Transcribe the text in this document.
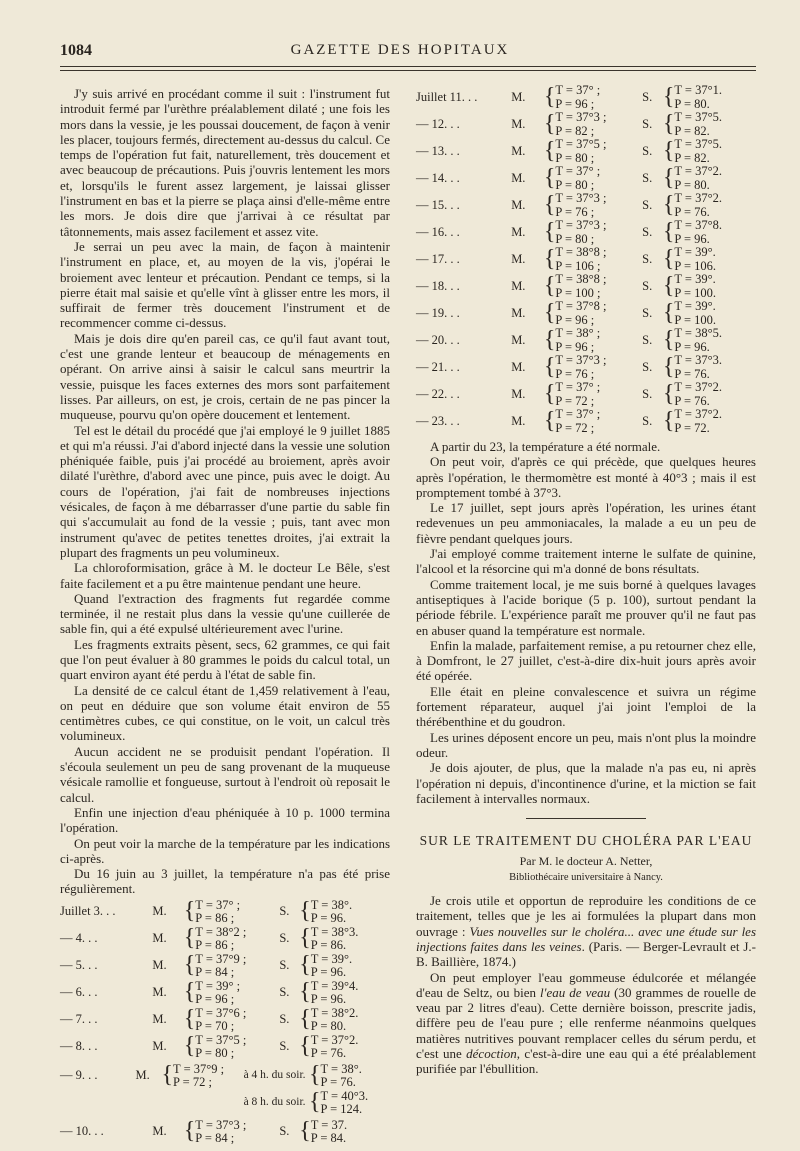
1084	GAZETTE DES HOPITAUX

J'y suis arrivé en procédant comme il suit : l'instrument fut introduit fermé par l'urèthre préalablement dilaté ; une fois les mors dans la vessie, je les poussai doucement, de façon à venir les placer, toujours fermés, directement au-dessus du calcul. Ce temps de l'opération fut fait, naturellement, très doucement et avec beaucoup de précautions. Puis j'ouvris lentement les mors et, lorsqu'ils le furent assez largement, je laissai glisser l'instrument en bas et la pierre se plaça ainsi d'elle-même entre les mors. Je dois dire que j'arrivai à ce résultat par tâtonnements, mais assez facilement et assez vite.

Je serrai un peu avec la main, de façon à maintenir l'instrument en place, et, au moyen de la vis, j'opérai le broiement avec lenteur et précaution. Pendant ce temps, si la pierre était mal saisie et qu'elle vînt à glisser entre les mors, il suffirait de fermer très doucement l'instrument et de recommencer comme ci-dessus.

Mais je dois dire qu'en pareil cas, ce qu'il faut avant tout, c'est une grande lenteur et beaucoup de ménagements en opérant. On arrive ainsi à saisir le calcul sans meurtrir la vessie, puisque les faces externes des mors sont parfaitement lisses. Par ailleurs, on est, je crois, certain de ne pas pincer la muqueuse, pourvu qu'on opère doucement et lentement.

Tel est le détail du procédé que j'ai employé le 9 juillet 1885 et qui m'a réussi. J'ai d'abord injecté dans la vessie une solution phéniquée faible, puis j'ai procédé au broiement, après avoir dilaté l'urèthre, d'abord avec une pince, puis avec le doigt. Au cours de l'opération, j'ai fait de nombreuses injections vésicales, de façon à me débarrasser d'une partie du sable fin qui s'accumulait au fond de la vessie ; puis, tant avec mon instrument qu'avec de petites tenettes droites, j'ai extrait la plupart des fragments un peu volumineux.

La chloroformisation, grâce à M. le docteur Le Bêle, s'est faite facilement et a pu être maintenue pendant une heure.

Quand l'extraction des fragments fut regardée comme terminée, il ne restait plus dans la vessie qu'une cuillerée de sable fin, qui a été expulsé ultérieurement avec l'urine.

Les fragments extraits pèsent, secs, 62 grammes, ce qui fait que l'on peut évaluer à 80 grammes le poids du calcul total, un quart environ ayant été perdu à l'état de sable fin.

La densité de ce calcul étant de 1,459 relativement à l'eau, on peut en déduire que son volume était environ de 55 centimètres cubes, ce qui constitue, on le voit, un calcul très volumineux.

Aucun accident ne se produisit pendant l'opération. Il s'écoula seulement un peu de sang provenant de la muqueuse vésicale ramollie et fongueuse, surtout à l'endroit où reposait le calcul.

Enfin une injection d'eau phéniquée à 10 p. 1000 termina l'opération.

On peut voir la marche de la température par les indications ci-après.

Du 16 juin au 3 juillet, la température n'a pas été prise régulièrement.

Juillet 3. . .	M.	{	T = 37° ;	S.	{	T = 38°.
			P = 86 ;			P = 96.
— 4. . .	M.	{	T = 38°2 ;	S.	{	T = 38°3.
			P = 86 ;			P = 86.
— 5. . .	M.	{	T = 37°9 ;	S.	{	T = 39°.
			P = 84 ;			P = 96.
— 6. . .	M.	{	T = 39° ;	S.	{	T = 39°4.
			P = 96 ;			P = 96.
— 7. . .	M.	{	T = 37°6 ;	S.	{	T = 38°2.
			P = 70 ;			P = 80.
— 8. . .	M.	{	T = 37°5 ;	S.	{	T = 37°2.
			P = 80 ;			P = 76.
— 9. . .	M.	{	T = 37°9 ;	à 4 h. du soir.	{	T = 38°.
			P = 72 ;			P = 76.
				à 8 h. du soir.	{	T = 40°3.
						P = 124.
— 10. . .	M.	{	T = 37°3 ;	S.	{	T = 37.
			P = 84 ;			P = 84.
Juillet 11. . .	M.	{	T = 37° ;	S.	{	T = 37°1.
			P = 96 ;			P = 80.
— 12. . .	M.	{	T = 37°3 ;	S.	{	T = 37°5.
			P = 82 ;			P = 82.
— 13. . .	M.	{	T = 37°5 ;	S.	{	T = 37°5.
			P = 80 ;			P = 82.
— 14. . .	M.	{	T = 37° ;	S.	{	T = 37°2.
			P = 80 ;			P = 80.
— 15. . .	M.	{	T = 37°3 ;	S.	{	T = 37°2.
			P = 76 ;			P = 76.
— 16. . .	M.	{	T = 37°3 ;	S.	{	T = 37°8.
			P = 80 ;			P = 96.
— 17. . .	M.	{	T = 38°8 ;	S.	{	T = 39°.
			P = 106 ;			P = 106.
— 18. . .	M.	{	T = 38°8 ;	S.	{	T = 39°.
			P = 100 ;			P = 100.
— 19. . .	M.	{	T = 37°8 ;	S.	{	T = 39°.
			P = 96 ;			P = 100.
— 20. . .	M.	{	T = 38° ;	S.	{	T = 38°5.
			P = 96 ;			P = 96.
— 21. . .	M.	{	T = 37°3 ;	S.	{	T = 37°3.
			P = 76 ;			P = 76.
— 22. . .	M.	{	T = 37° ;	S.	{	T = 37°2.
			P = 72 ;			P = 76.
— 23. . .	M.	{	T = 37° ;	S.	{	T = 37°2.
			P = 72 ;			P = 72.

A partir du 23, la température a été normale.

On peut voir, d'après ce qui précède, que quelques heures après l'opération, le thermomètre est monté à 40°3 ; mais il est promptement tombé à 37°3.

Le 17 juillet, sept jours après l'opération, les urines étant redevenues un peu ammoniacales, la malade a eu un peu de fièvre pendant quelques jours.

J'ai employé comme traitement interne le sulfate de quinine, l'alcool et la résorcine qui m'a donné de bons résultats.

Comme traitement local, je me suis borné à quelques lavages antiseptiques à l'acide borique (5 p. 100), surtout pendant la période fébrile. L'expérience paraît me prouver qu'il ne faut pas en abuser quand la température est normale.

Enfin la malade, parfaitement remise, a pu retourner chez elle, à Domfront, le 27 juillet, c'est-à-dire dix-huit jours après avoir été opérée.

Elle était en pleine convalescence et suivra un régime fortement réparateur, auquel j'ai joint l'emploi de la thérébenthine et du goudron.

Les urines déposent encore un peu, mais n'ont plus la moindre odeur.

Je dois ajouter, de plus, que la malade n'a pas eu, ni après l'opération ni depuis, d'incontinence d'urine, et la miction se fait facilement à intervalles normaux.

SUR LE TRAITEMENT DU CHOLÉRA PAR L'EAU
Par M. le docteur A. Netter,
Bibliothécaire universitaire à Nancy.

Je crois utile et opportun de reproduire les conditions de ce traitement, telles que je les ai formulées la plupart dans mon ouvrage : Vues nouvelles sur le choléra... avec une étude sur les injections faites dans les veines. (Paris. — Berger-Levrault et J.-B. Baillière, 1874.)

On peut employer l'eau gommeuse édulcorée et mélangée d'eau de Seltz, ou bien l'eau de veau (30 grammes de rouelle de veau par 2 litres d'eau). Cette dernière boisson, prescrite jadis, diffère peu de l'eau pure ; elle renferme néanmoins quelques matières nutritives pouvant remplacer celles du sérum perdu, et c'est une décoction, c'est-à-dire une eau qui a été préalablement purifiée par l'ébullition.
